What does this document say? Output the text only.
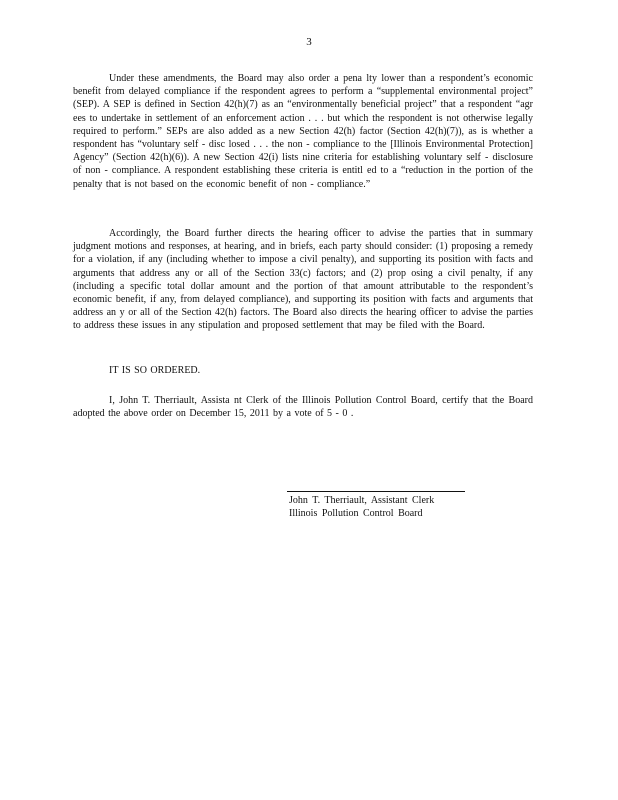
3

Under these amendments, the Board may also order a pena lty lower than a respondent’s economic benefit from delayed compliance if the respondent agrees to perform a “supplemental environmental project” (SEP). A SEP is defined in Section 42(h)(7) as an “environmentally beneficial project” that a respondent “agr ees to undertake in settlement of an enforcement action . . . but which the respondent is not otherwise legally required to perform.” SEPs are also added as a new Section 42(h) factor (Section 42(h)(7)), as is whether a respondent has “voluntary self - disc losed . . . the non - compliance to the [Illinois Environmental Protection] Agency” (Section 42(h)(6)). A new Section 42(i) lists nine criteria for establishing voluntary self - disclosure of non - compliance. A respondent establishing these criteria is entitl ed to a “reduction in the portion of the penalty that is not based on the economic benefit of non - compliance.”

Accordingly, the Board further directs the hearing officer to advise the parties that in summary judgment motions and responses, at hearing, and in briefs, each party should consider: (1) proposing a remedy for a violation, if any (including whether to impose a civil penalty), and supporting its position with facts and arguments that address any or all of the Section 33(c) factors; and (2) prop osing a civil penalty, if any (including a specific total dollar amount and the portion of that amount attributable to the respondent’s economic benefit, if any, from delayed compliance), and supporting its position with facts and arguments that address an y or all of the Section 42(h) factors. The Board also directs the hearing officer to advise the parties to address these issues in any stipulation and proposed settlement that may be filed with the Board.

IT IS SO ORDERED.

I, John T. Therriault, Assista nt Clerk of the Illinois Pollution Control Board, certify that the Board adopted the above order on December 15, 2011 by a vote of 5 - 0 .

John T. Therriault, Assistant Clerk
Illinois Pollution Control Board
